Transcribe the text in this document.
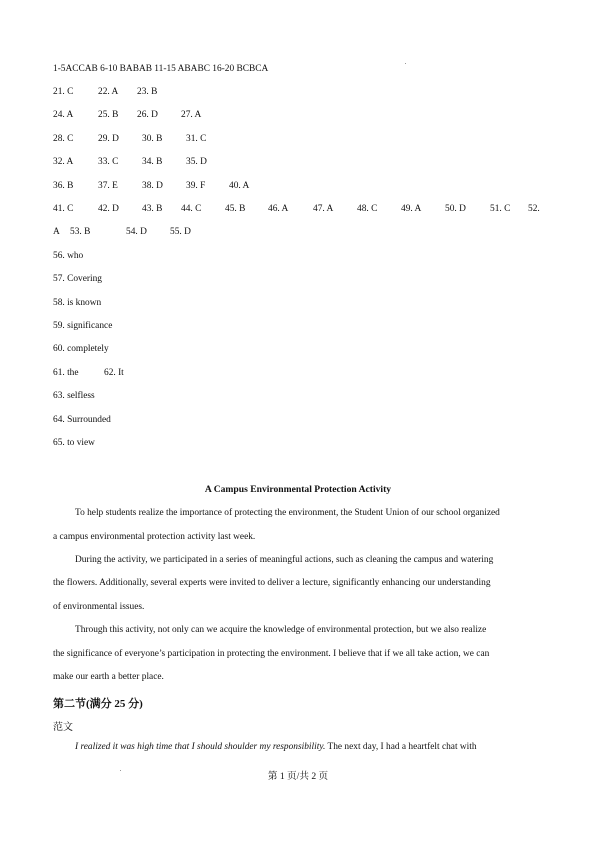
1-5ACCAB 6-10 BABAB 11-15 ABABC 16-20 BCBCA
21. C	22. A 23. B
24. A	25. B 26. D 27. A
28. C	29. D 30. B	31. C
32. A	33. C	34. B	35. D
36. B	37. E	38. D 39. F	40. A
41. C	42. D 43. B 44. C	45. B 46. A	47. A	48. C	49. A	50. D	51. C 52.
A 53. B	54. D 55. D
56. who
57. Covering
58. is known
59. significance
60. completely
61. the	62. It
63. selfless
64. Surrounded
65. to view
A Campus Environmental Protection Activity
To help students realize the importance of protecting the environment, the Student Union of our school organized
a campus environmental protection activity last week.
During the activity, we participated in a series of meaningful actions, such as cleaning the campus and watering
the flowers. Additionally, several experts were invited to deliver a lecture, significantly enhancing our understanding
of environmental issues.
Through this activity, not only can we acquire the knowledge of environmental protection, but we also realize
the significance of everyone’s participation in protecting the environment. I believe that if we all take action, we can
make our earth a better place.
第二节(满分 25 分)
范文
I realized it was high time that I should shoulder my responsibility. The next day, I had a heartfelt chat with
第 1 页/共 2 页
